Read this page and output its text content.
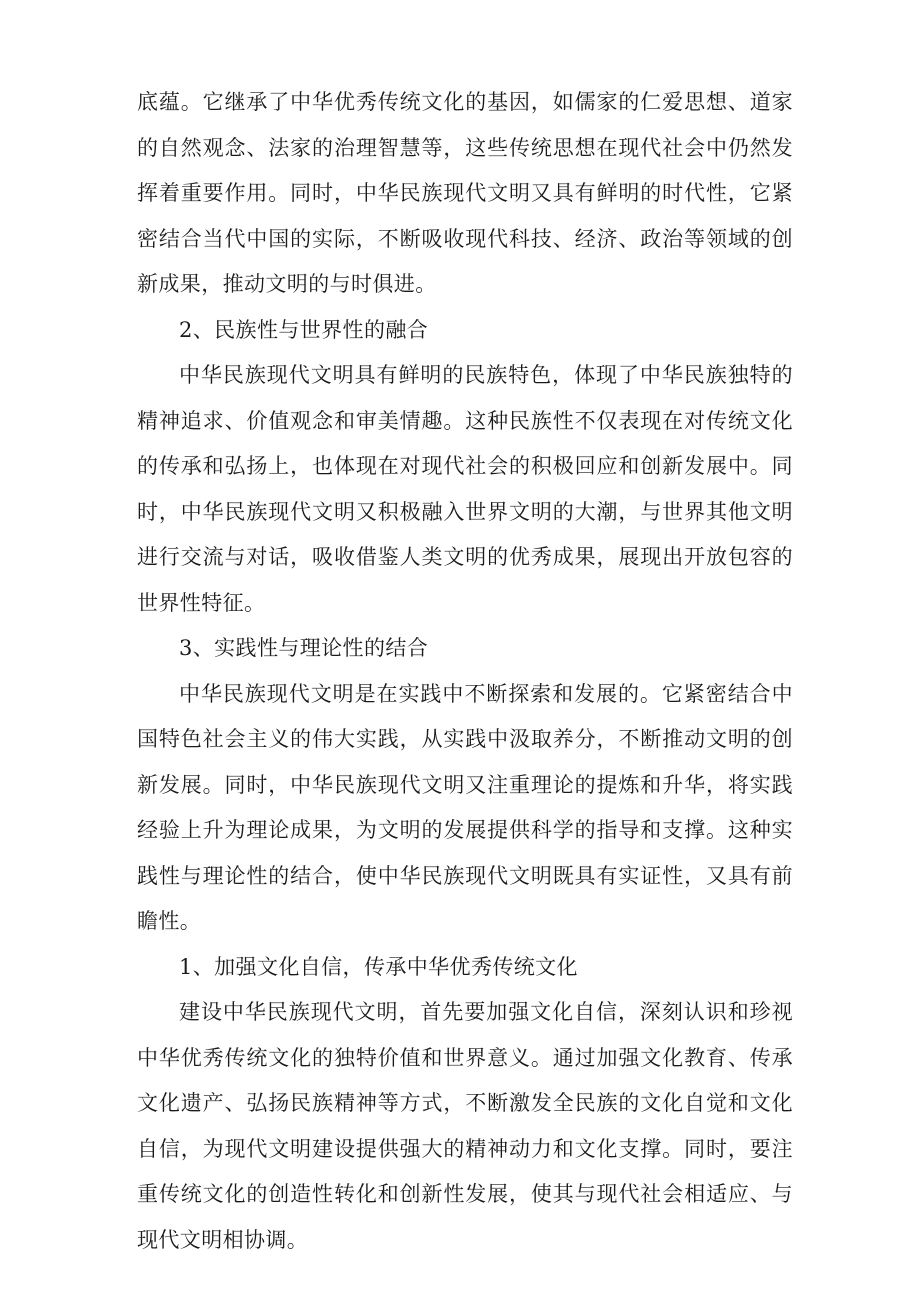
底蕴。它继承了中华优秀传统文化的基因，如儒家的仁爱思想、道家的自然观念、法家的治理智慧等，这些传统思想在现代社会中仍然发挥着重要作用。同时，中华民族现代文明又具有鲜明的时代性，它紧密结合当代中国的实际，不断吸收现代科技、经济、政治等领域的创新成果，推动文明的与时俱进。

2、民族性与世界性的融合

中华民族现代文明具有鲜明的民族特色，体现了中华民族独特的精神追求、价值观念和审美情趣。这种民族性不仅表现在对传统文化的传承和弘扬上，也体现在对现代社会的积极回应和创新发展中。同时，中华民族现代文明又积极融入世界文明的大潮，与世界其他文明进行交流与对话，吸收借鉴人类文明的优秀成果，展现出开放包容的世界性特征。

3、实践性与理论性的结合

中华民族现代文明是在实践中不断探索和发展的。它紧密结合中国特色社会主义的伟大实践，从实践中汲取养分，不断推动文明的创新发展。同时，中华民族现代文明又注重理论的提炼和升华，将实践经验上升为理论成果，为文明的发展提供科学的指导和支撑。这种实践性与理论性的结合，使中华民族现代文明既具有实证性，又具有前瞻性。

1、加强文化自信，传承中华优秀传统文化

建设中华民族现代文明，首先要加强文化自信，深刻认识和珍视中华优秀传统文化的独特价值和世界意义。通过加强文化教育、传承文化遗产、弘扬民族精神等方式，不断激发全民族的文化自觉和文化自信，为现代文明建设提供强大的精神动力和文化支撑。同时，要注重传统文化的创造性转化和创新性发展，使其与现代社会相适应、与现代文明相协调。
